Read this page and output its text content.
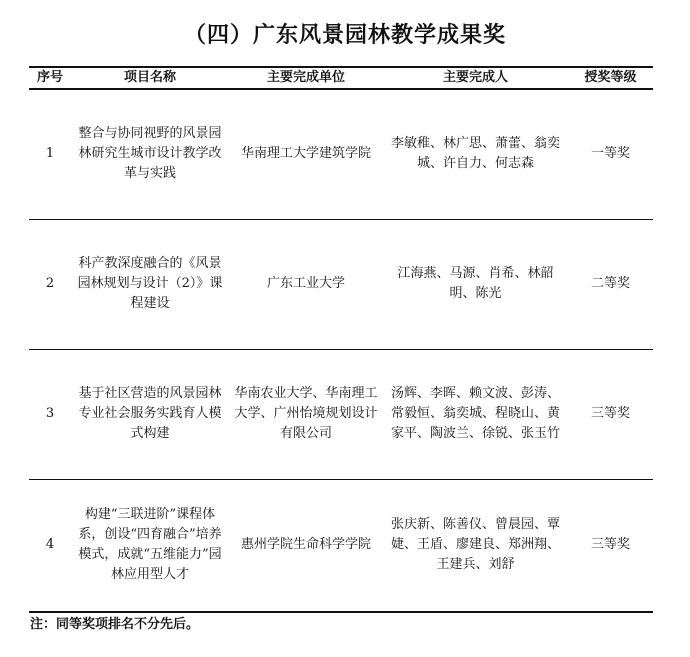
（四）广东风景园林教学成果奖
序号	项目名称	主要完成单位	主要完成人	授奖等级
1	整合与协同视野的风景园林研究生城市设计教学改革与实践	华南理工大学建筑学院	李敏稚、林广思、萧蕾、翁奕城、许自力、何志森	一等奖
2	科产教深度融合的《风景园林规划与设计（2）》课程建设	广东工业大学	江海燕、马源、肖希、林韶明、陈光	二等奖
3	基于社区营造的风景园林专业社会服务实践育人模式构建	华南农业大学、华南理工大学、广州怡境规划设计有限公司	汤辉、李晖、赖文波、彭涛、常毅恒、翁奕城、程晓山、黄家平、陶波兰、徐锐、张玉竹	三等奖
4	构建“三联进阶”课程体系，创设“四育融合”培养模式，成就“五维能力”园林应用型人才	惠州学院生命科学学院	张庆新、陈善仪、曾晨园、覃婕、王盾、廖建良、郑洲翔、王建兵、刘舒	三等奖
注：同等奖项排名不分先后。
